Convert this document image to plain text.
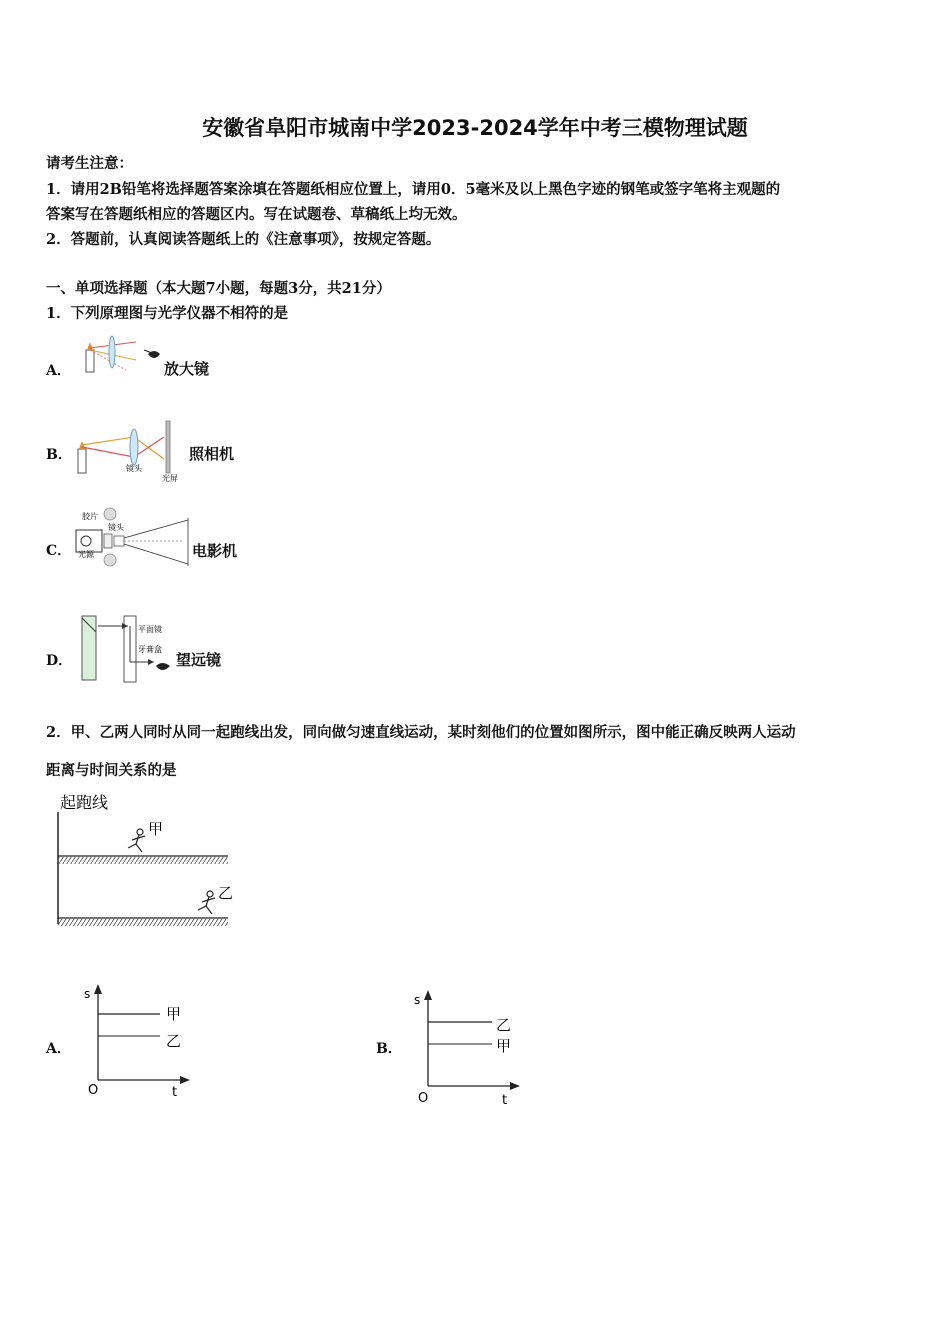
安徽省阜阳市城南中学2023-2024学年中考三模物理试题
请考生注意：
1．请用2B铅笔将选择题答案涂填在答题纸相应位置上，请用0．5毫米及以上黑色字迹的钢笔或签字笔将主观题的
答案写在答题纸相应的答题区内。写在试题卷、草稿纸上均无效。
2．答题前，认真阅读答题纸上的《注意事项》，按规定答题。
一、单项选择题（本大题7小题，每题3分，共21分）
1．下列原理图与光学仪器不相符的是
A．	放大镜
B．
镜头
光屏
照相机
C．
胶片
光源
镜头
电影机
D．
平面镜
牙膏盒
望远镜
2．甲、乙两人同时从同一起跑线出发，同向做匀速直线运动，某时刻他们的位置如图所示，图中能正确反映两人运动
距离与时间关系的是
起跑线
甲
乙
A．
s
t
O
甲
乙	B．
s
t
O
乙
甲
